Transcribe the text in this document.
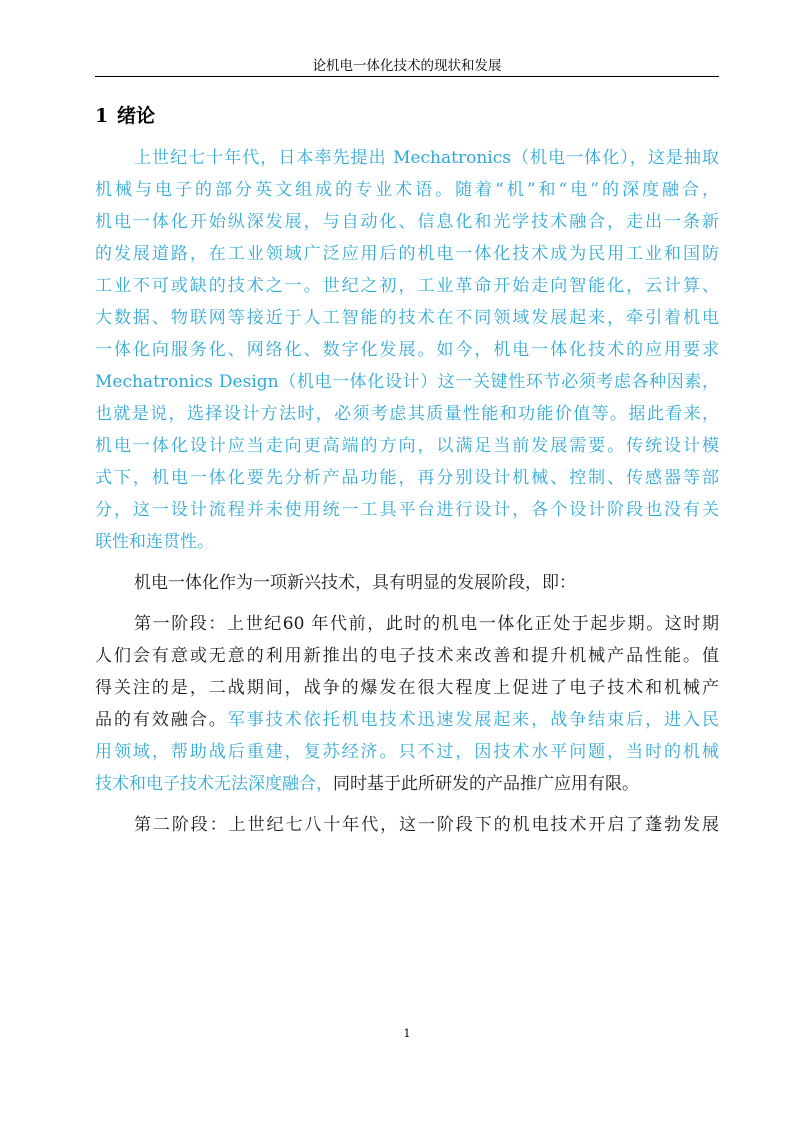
论机电一体化技术的现状和发展
1 绪论

上世纪七十年代，日本率先提出 Mechatronics（机电一体化），这是抽取

机械与电子的部分英文组成的专业术语。随着“机”和“电”的深度融合，

机电一体化开始纵深发展，与自动化、信息化和光学技术融合，走出一条新

的发展道路，在工业领域广泛应用后的机电一体化技术成为民用工业和国防

工业不可或缺的技术之一。世纪之初，工业革命开始走向智能化，云计算、

大数据、物联网等接近于人工智能的技术在不同领域发展起来，牵引着机电

一体化向服务化、网络化、数字化发展。如今，机电一体化技术的应用要求

Mechatronics Design（机电一体化设计）这一关键性环节必须考虑各种因素，

也就是说，选择设计方法时，必须考虑其质量性能和功能价值等。据此看来，

机电一体化设计应当走向更高端的方向，以满足当前发展需要。传统设计模

式下，机电一体化要先分析产品功能，再分别设计机械、控制、传感器等部

分，这一设计流程并未使用统一工具平台进行设计，各个设计阶段也没有关

联性和连贯性。

机电一体化作为一项新兴技术，具有明显的发展阶段，即：

第一阶段：上世纪60 年代前，此时的机电一体化正处于起步期。这时期

人们会有意或无意的利用新推出的电子技术来改善和提升机械产品性能。值

得关注的是，二战期间，战争的爆发在很大程度上促进了电子技术和机械产

品的有效融合。军事技术依托机电技术迅速发展起来，战争结束后，进入民

用领域，帮助战后重建，复苏经济。只不过，因技术水平问题，当时的机械

技术和电子技术无法深度融合，同时基于此所研发的产品推广应用有限。

第二阶段：上世纪七八十年代，这一阶段下的机电技术开启了蓬勃发展

1
